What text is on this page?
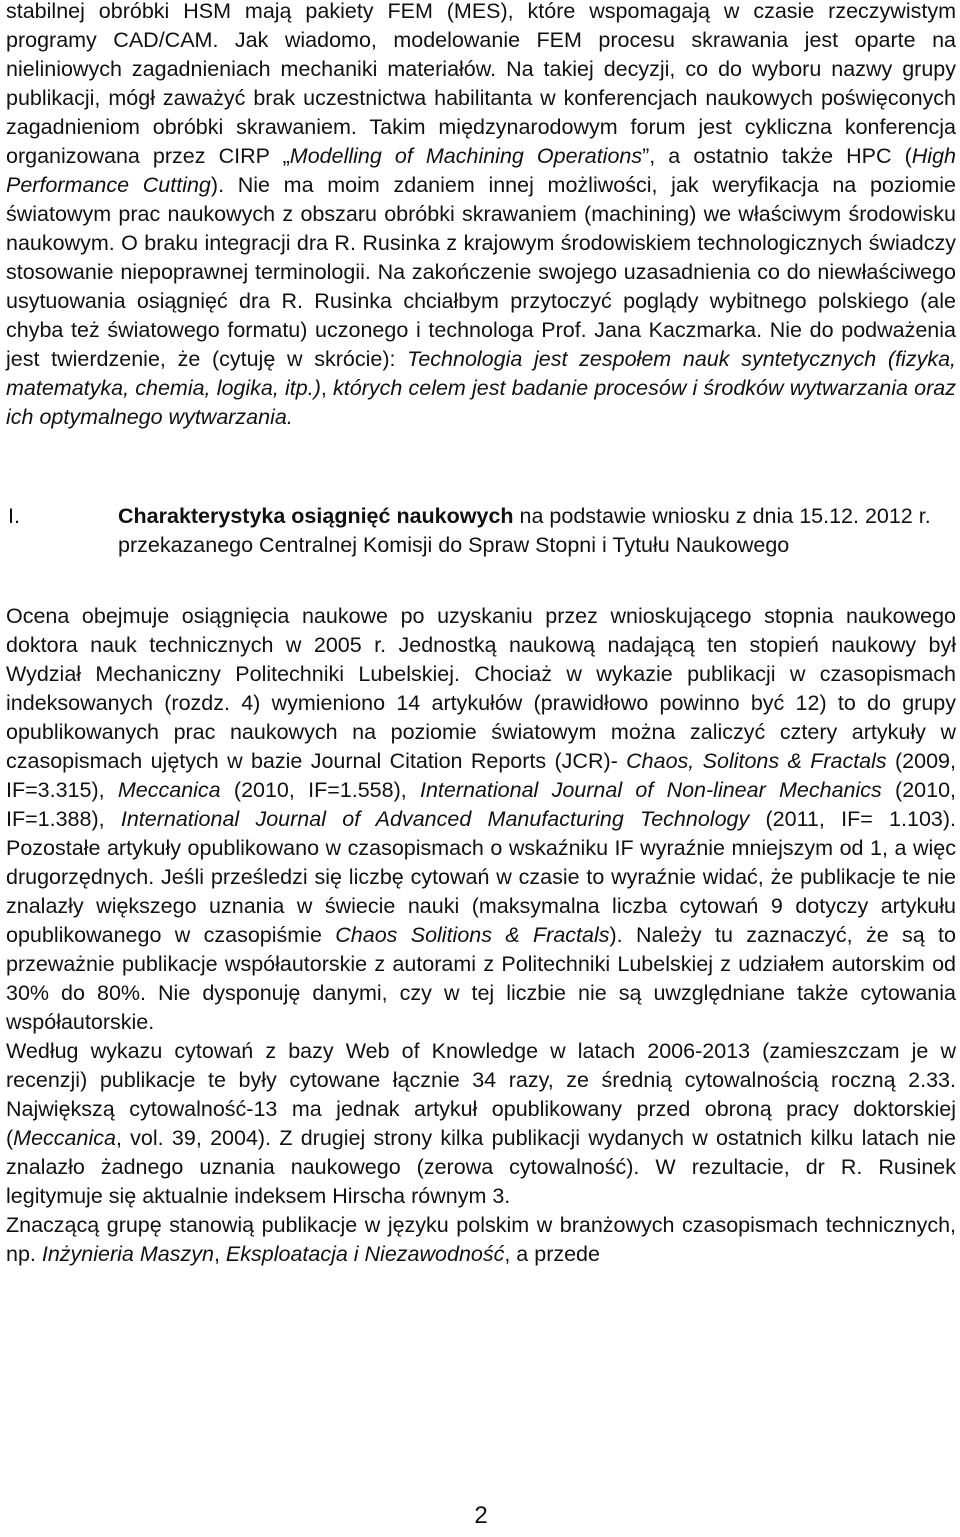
stabilnej obróbki HSM mają pakiety FEM (MES), które wspomagają w czasie rzeczywistym programy CAD/CAM. Jak wiadomo, modelowanie FEM procesu skrawania jest oparte na nieliniowych zagadnieniach mechaniki materiałów. Na takiej decyzji, co do wyboru nazwy grupy publikacji, mógł zaważyć brak uczestnictwa habilitanta w konferencjach naukowych poświęconych zagadnieniom obróbki skrawaniem. Takim międzynarodowym forum jest cykliczna konferencja organizowana przez CIRP „Modelling of Machining Operations”, a ostatnio także HPC (High Performance Cutting). Nie ma moim zdaniem innej możliwości, jak weryfikacja na poziomie światowym prac naukowych z obszaru obróbki skrawaniem (machining) we właściwym środowisku naukowym. O braku integracji dra R. Rusinka z krajowym środowiskiem technologicznych świadczy stosowanie niepoprawnej terminologii. Na zakończenie swojego uzasadnienia co do niewłaściwego usytuowania osiągnięć dra R. Rusinka chciałbym przytoczyć poglądy wybitnego polskiego (ale chyba też światowego formatu) uczonego i technologa Prof. Jana Kaczmarka. Nie do podważenia jest twierdzenie, że (cytuję w skrócie): Technologia jest zespołem nauk syntetycznych (fizyka, matematyka, chemia, logika, itp.), których celem jest badanie procesów i środków wytwarzania oraz ich optymalnego wytwarzania.

I.	Charakterystyka osiągnięć naukowych na podstawie wniosku z dnia 15.12. 2012 r. przekazanego Centralnej Komisji do Spraw Stopni i Tytułu Naukowego

Ocena obejmuje osiągnięcia naukowe po uzyskaniu przez wnioskującego stopnia naukowego doktora nauk technicznych w 2005 r. Jednostką naukową nadającą ten stopień naukowy był Wydział Mechaniczny Politechniki Lubelskiej. Chociaż w wykazie publikacji w czasopismach indeksowanych (rozdz. 4) wymieniono 14 artykułów (prawidłowo powinno być 12) to do grupy opublikowanych prac naukowych na poziomie światowym można zaliczyć cztery artykuły w czasopismach ujętych w bazie Journal Citation Reports (JCR)- Chaos, Solitons & Fractals (2009, IF=3.315), Meccanica (2010, IF=1.558), International Journal of Non-linear Mechanics (2010, IF=1.388), International Journal of Advanced Manufacturing Technology (2011, IF= 1.103). Pozostałe artykuły opublikowano w czasopismach o wskaźniku IF wyraźnie mniejszym od 1, a więc drugorzędnych. Jeśli prześledzi się liczbę cytowań w czasie to wyraźnie widać, że publikacje te nie znalazły większego uznania w świecie nauki (maksymalna liczba cytowań 9 dotyczy artykułu opublikowanego w czasopiśmie Chaos Solitions & Fractals). Należy tu zaznaczyć, że są to przeważnie publikacje współautorskie z autorami z Politechniki Lubelskiej z udziałem autorskim od 30% do 80%. Nie dysponuję danymi, czy w tej liczbie nie są uwzględniane także cytowania współautorskie.

Według wykazu cytowań z bazy Web of Knowledge w latach 2006-2013 (zamieszczam je w recenzji) publikacje te były cytowane łącznie 34 razy, ze średnią cytowalnością roczną 2.33. Największą cytowalność-13 ma jednak artykuł opublikowany przed obroną pracy doktorskiej (Meccanica, vol. 39, 2004). Z drugiej strony kilka publikacji wydanych w ostatnich kilku latach nie znalazło żadnego uznania naukowego (zerowa cytowalność). W rezultacie, dr R. Rusinek legitymuje się aktualnie indeksem Hirscha równym 3.

Znaczącą grupę stanowią publikacje w języku polskim w branżowych czasopismach technicznych, np. Inżynieria Maszyn, Eksploatacja i Niezawodność, a przede

2
